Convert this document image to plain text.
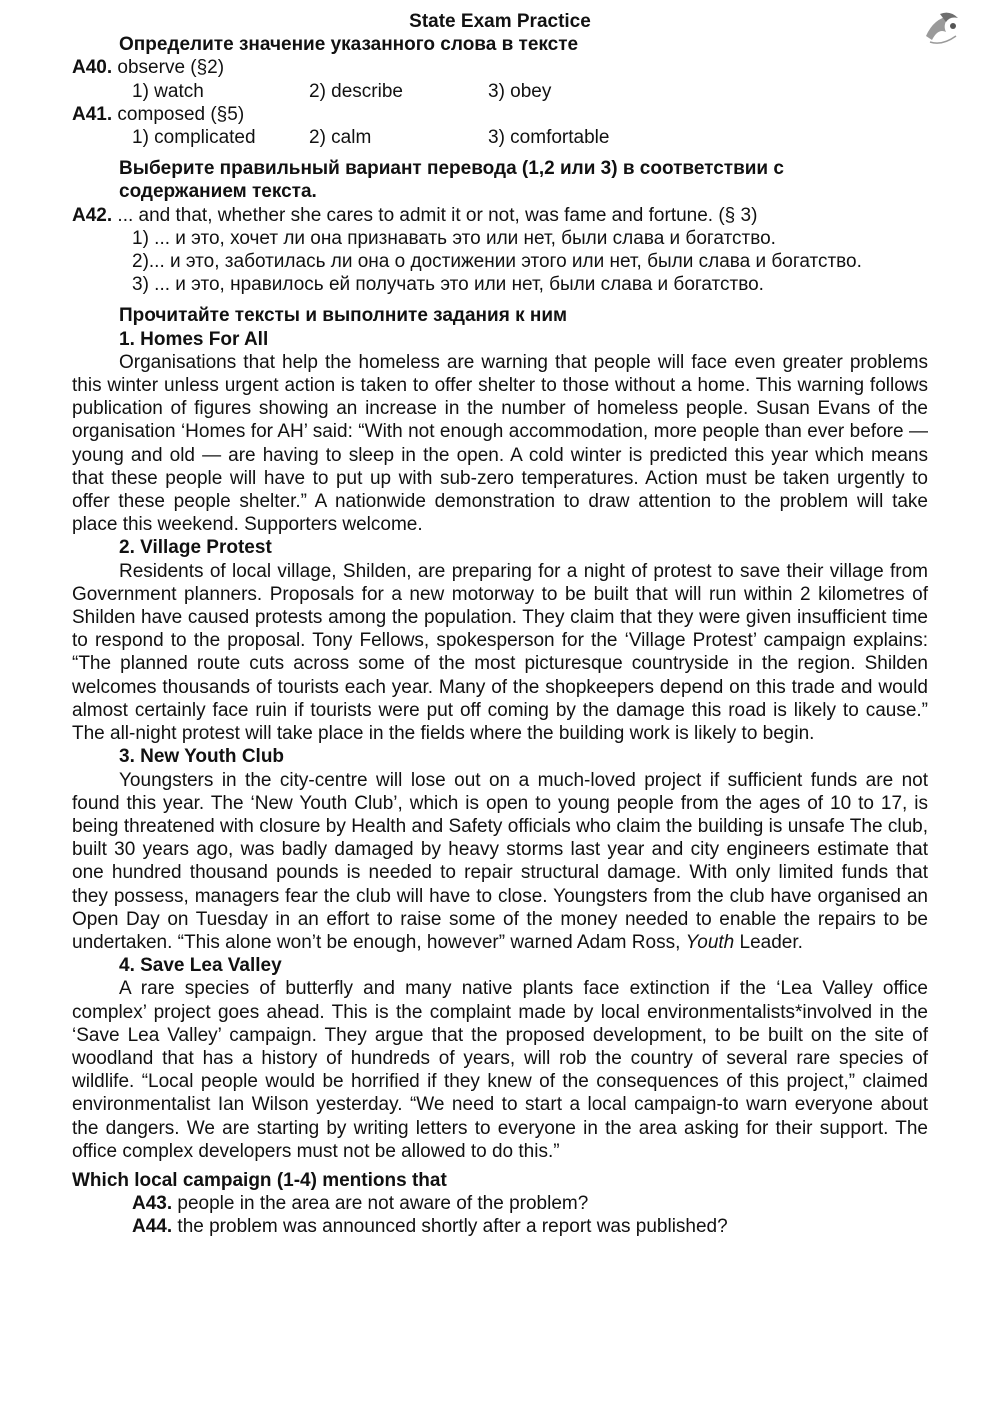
State Exam Practice
Определите значение указанного слова в тексте
A40. observe (§2)
1) watch	2) describe	3) obey
A41. composed (§5)
1) complicated	2) calm	3) comfortable
Выберите правильный вариант перевода (1,2 или 3) в соответствии с
содержанием текста.
A42. ... and that, whether she cares to admit it or not, was fame and fortune. (§ 3)
1) ... и это, хочет ли она признавать это или нет, были слава и богатство.
2)... и это, заботилась ли она о достижении этого или нет, были слава и богатство.
3) ... и это, нравилось ей получать это или нет, были слава и богатство.
Прочитайте тексты и выполните задания к ним
1. Homes For All
Organisations that help the homeless are warning that people will face even greater problems this winter unless urgent action is taken to offer shelter to those without a home. This warning follows publication of figures showing an increase in the number of homeless people. Susan Evans of the organisation ‘Homes for AH’ said: “With not enough accommodation, more people than ever before — young and old — are having to sleep in the open. A cold winter is predicted this year which means that these people will have to put up with sub-zero temperatures. Action must be taken urgently to offer these people shelter.” A nationwide demonstration to draw attention to the problem will take place this weekend. Supporters welcome.
2. Village Protest
Residents of local village, Shilden, are preparing for a night of protest to save their village from Government planners. Proposals for a new motorway to be built that will run within 2 kilometres of Shilden have caused protests among the population. They claim that they were given insufficient time to respond to the proposal. Tony Fellows, spokesperson for the ‘Village Protest’ campaign explains: “The planned route cuts across some of the most picturesque countryside in the region. Shilden welcomes thousands of tourists each year. Many of the shopkeepers depend on this trade and would almost certainly face ruin if tourists were put off coming by the damage this road is likely to cause.” The all-night protest will take place in the fields where the building work is likely to begin.
3. New Youth Club
Youngsters in the city-centre will lose out on a much-loved project if sufficient funds are not found this year. The ‘New Youth Club’, which is open to young people from the ages of 10 to 17, is being threatened with closure by Health and Safety officials who claim the building is unsafe The club, built 30 years ago, was badly damaged by heavy storms last year and city engineers estimate that one hundred thousand pounds is needed to repair structural damage. With only limited funds that they possess, managers fear the club will have to close. Youngsters from the club have organised an Open Day on Tuesday in an effort to raise some of the money needed to enable the repairs to be undertaken. “This alone won’t be enough, however” warned Adam Ross, Youth Leader.
4. Save Lea Valley
A rare species of butterfly and many native plants face extinction if the ‘Lea Valley office complex’ project goes ahead. This is the complaint made by local environmentalists*involved in the ‘Save Lea Valley’ campaign. They argue that the proposed development, to be built on the site of woodland that has a history of hundreds of years, will rob the country of several rare species of wildlife. “Local people would be horrified if they knew of the consequences of this project,” claimed environmentalist Ian Wilson yesterday. “We need to start a local campaign-to warn everyone about the dangers. We are starting by writing letters to everyone in the area asking for their support. The office complex developers must not be allowed to do this.”
Which local campaign (1-4) mentions that
A43. people in the area are not aware of the problem?
A44. the problem was announced shortly after a report was published?
